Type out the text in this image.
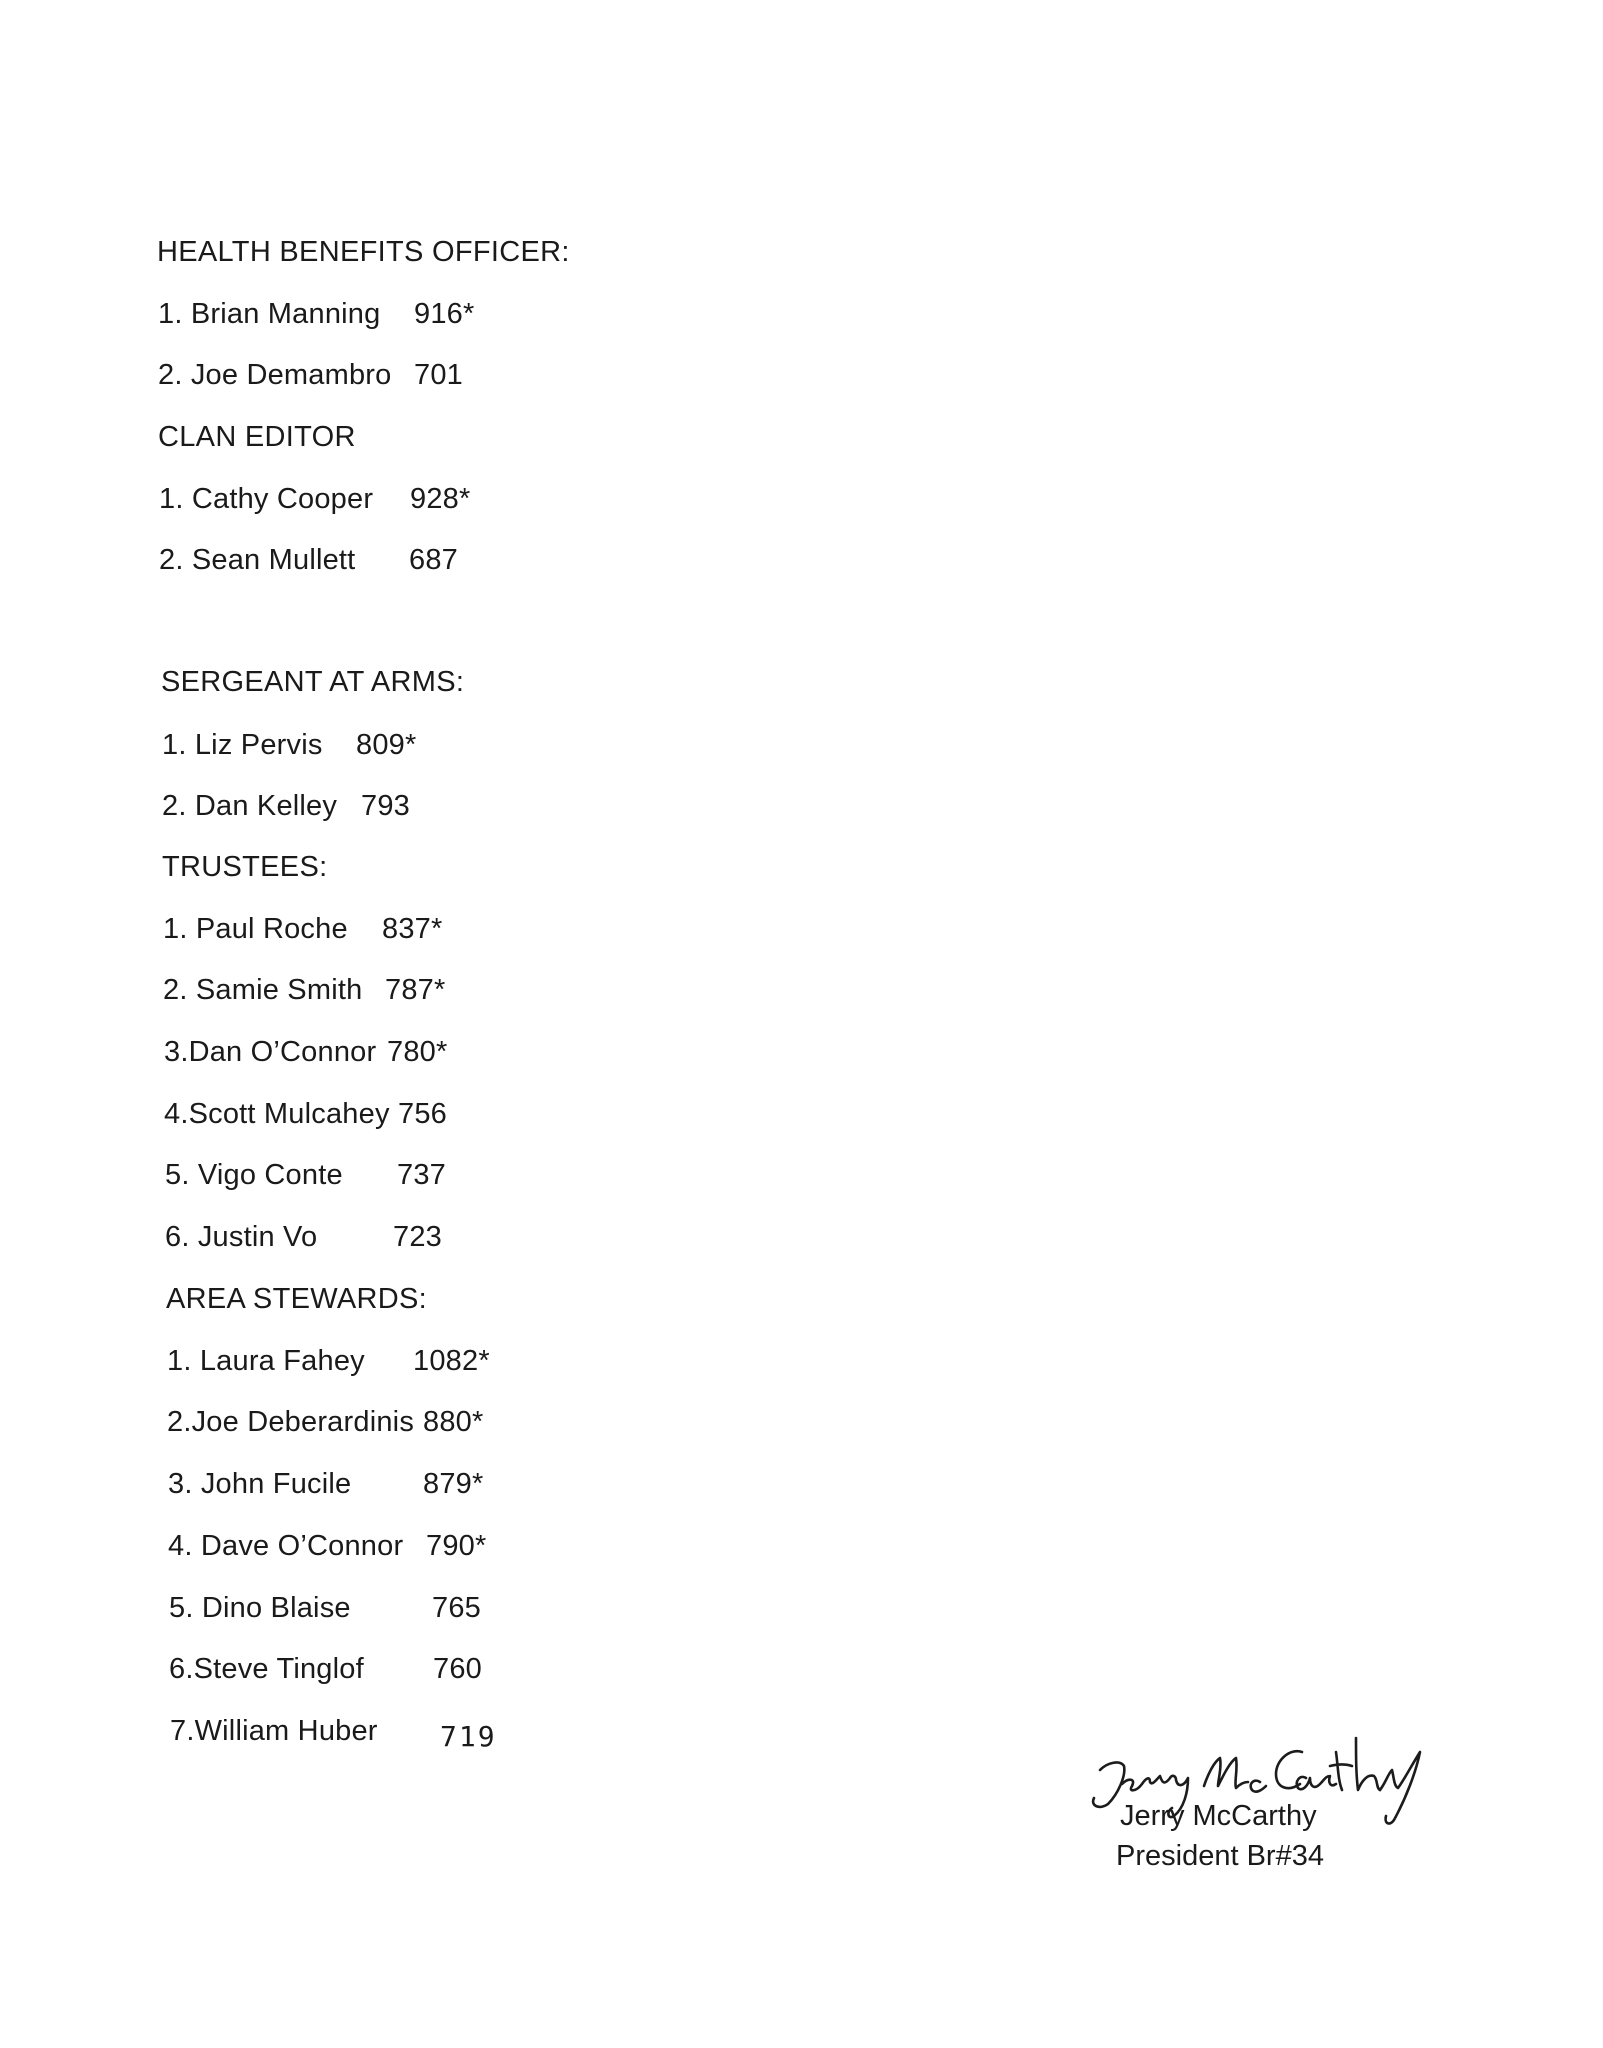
HEALTH BENEFITS OFFICER:
1. Brian Manning 916*
2. Joe Demambro 701
CLAN EDITOR
1. Cathy Cooper 928*
2. Sean Mullett 687
SERGEANT AT ARMS:
1. Liz Pervis 809*
2. Dan Kelley 793
TRUSTEES:
1. Paul Roche 837*
2. Samie Smith 787*
3.Dan O’Connor 780*
4.Scott Mulcahey 756
5. Vigo Conte 737
6. Justin Vo	723
AREA STEWARDS:
1. Laura Fahey 1082*
2.Joe Deberardinis 880*
3. John Fucile 879*
4. Dave O’Connor 790*
5. Dino Blaise	765
6.Steve Tinglof 760
7.William Huber 719
Jerry McCarthy
President Br#34
